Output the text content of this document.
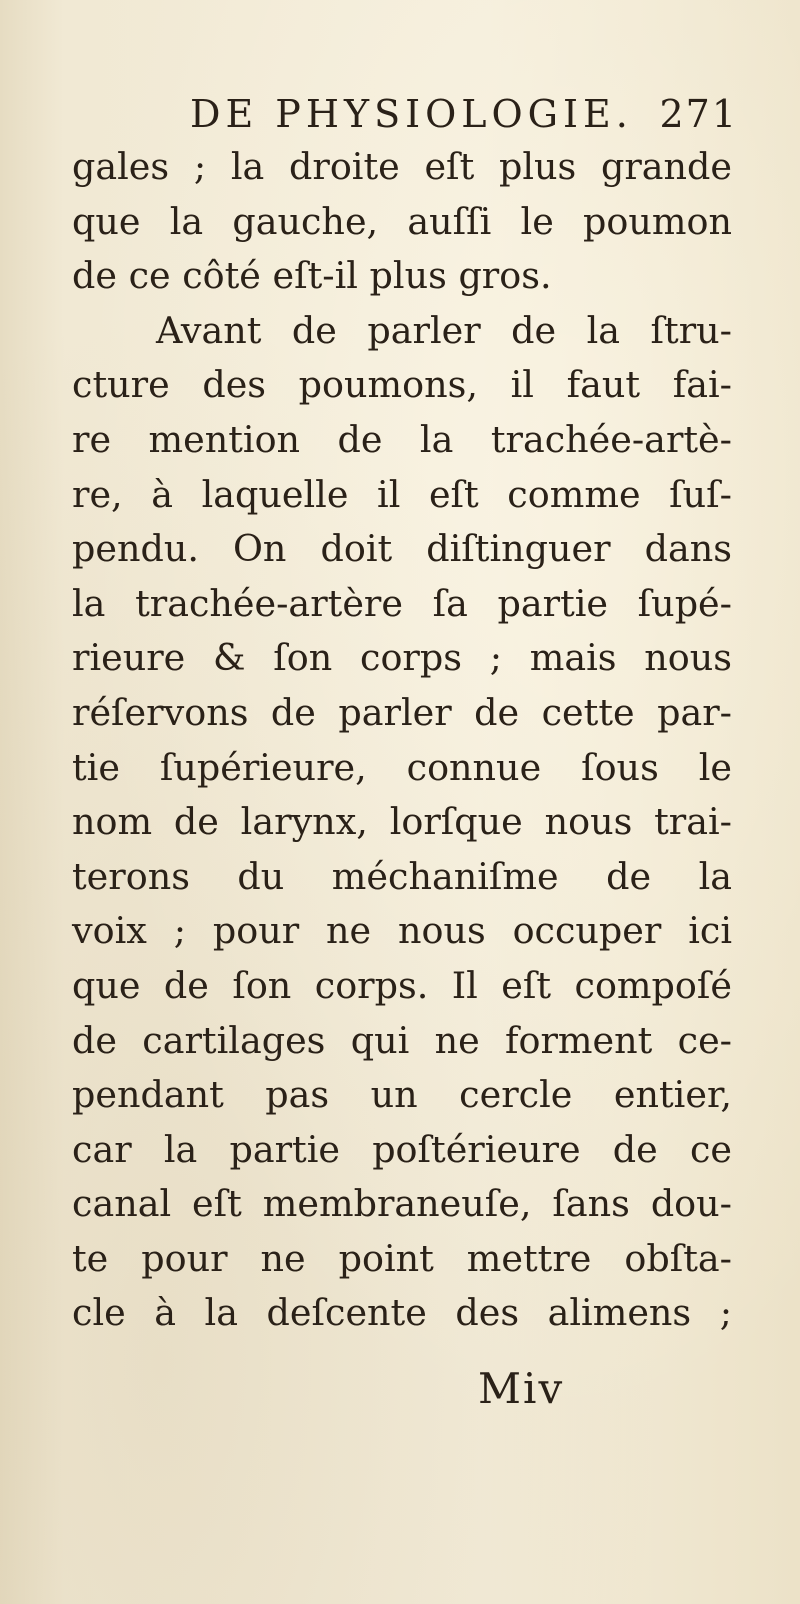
DE PHYSIOLOGIE. 271
gales ; la droite eſt plus grande
que la gauche, auſſi le poumon
de ce côté eſt-il plus gros.
Avant de parler de la ſtru-
cture des poumons, il faut fai-
re mention de la trachée-artè-
re, à laquelle il eſt comme ſuſ-
pendu. On doit diſtinguer dans
la trachée-artère ſa partie ſupé-
rieure & ſon corps ; mais nous
réſervons de parler de cette par-
tie ſupérieure, connue ſous le
nom de larynx, lorſque nous trai-
terons du méchaniſme de la
voix ; pour ne nous occuper ici
que de ſon corps. Il eſt compoſé
de cartilages qui ne forment ce-
pendant pas un cercle entier,
car la partie poſtérieure de ce
canal eſt membraneuſe, ſans dou-
te pour ne point mettre obſta-
cle à la deſcente des alimens ;
Miv
